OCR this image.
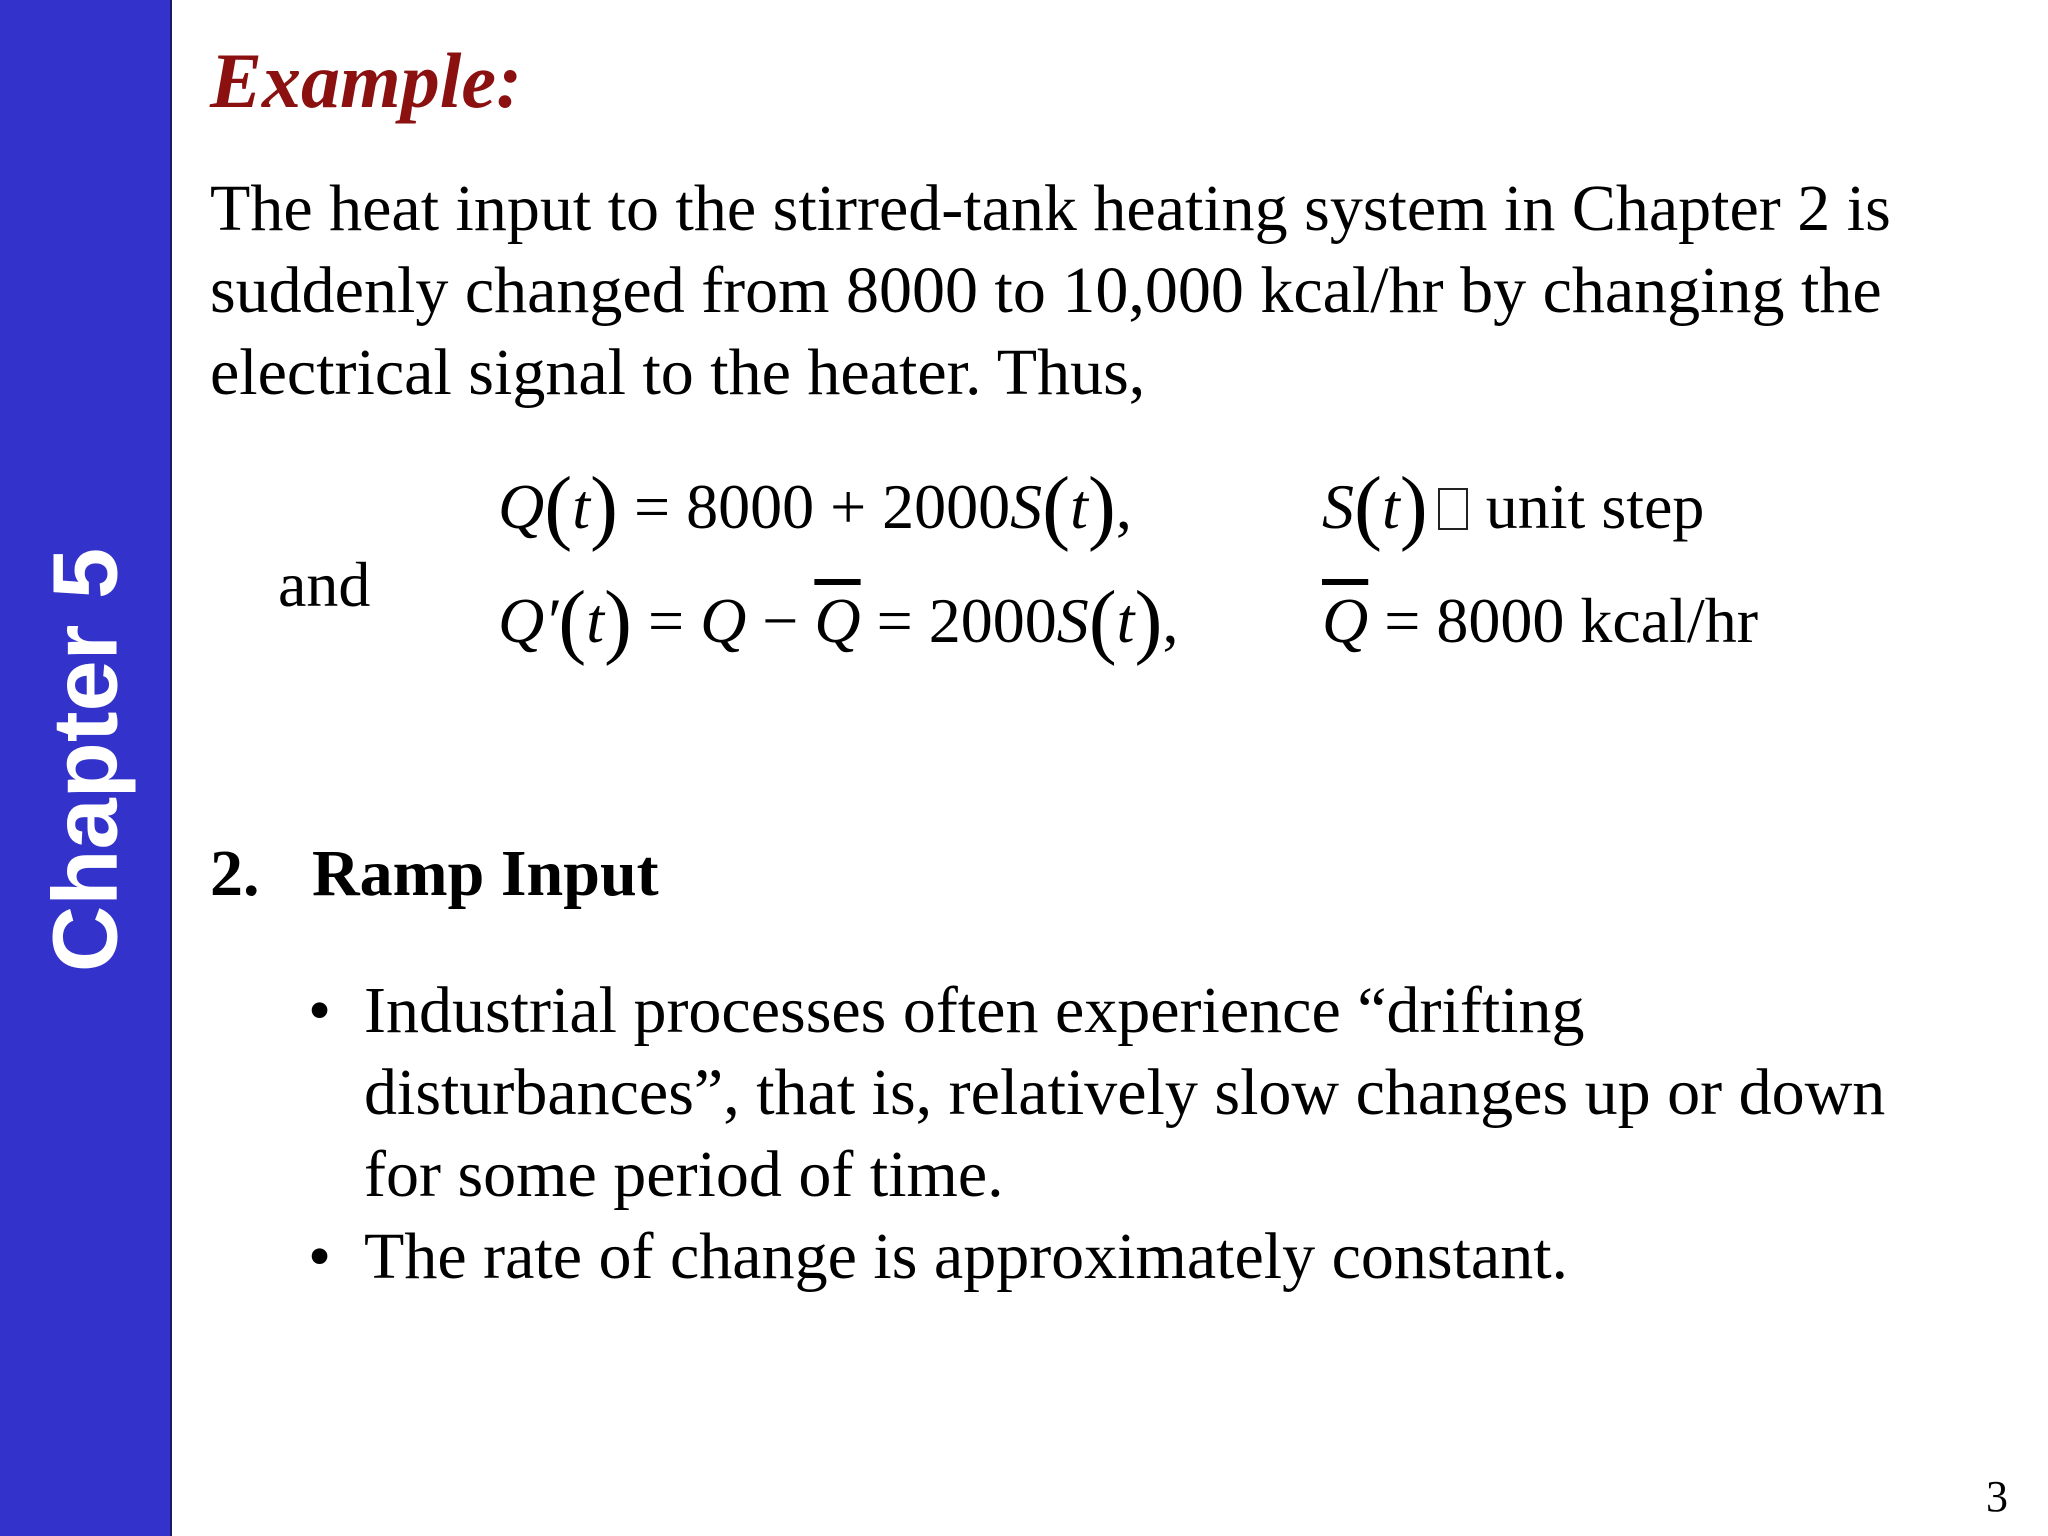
Chapter 5
Example:

The heat input to the stirred-tank heating system in Chapter 2 is suddenly changed from 8000 to 10,000 kcal/hr by changing the electrical signal to the heater. Thus,

and
Q(t) = 8000 + 2000S(t),
$Q'(t) = Q - \overline{Q} = 2000S(t)$,
S(t) unit step
$\overline{Q} = 8000$ kcal/hr
2. Ramp Input
• Industrial processes often experience “drifting disturbances”, that is, relatively slow changes up or down for some period of time.
• The rate of change is approximately constant.
3
